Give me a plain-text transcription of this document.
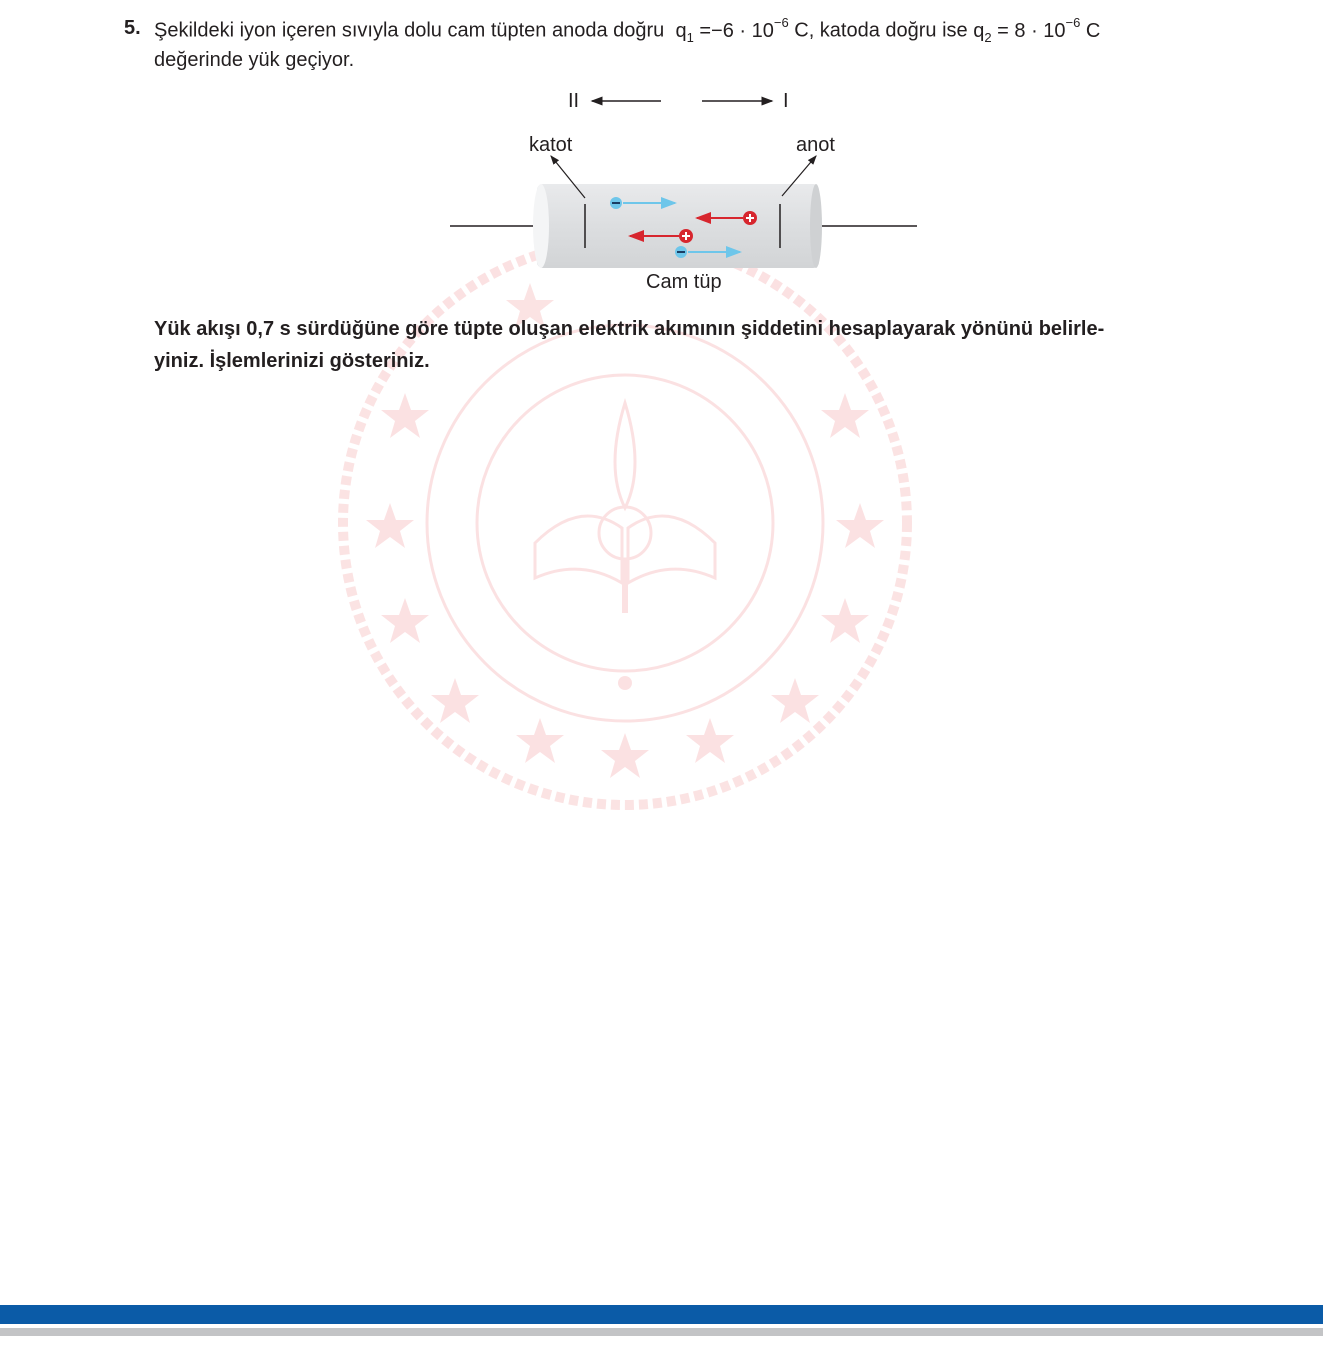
5. Şekildeki iyon içeren sıvıyla dolu cam tüpten anoda doğru $q_1 =-6 \cdot 10^{-6}$ C, katoda doğru ise $q_2 = 8 \cdot 10^{-6}$ C
değerinde yük geçiyor.
II	I
katot	anot
Cam tüp
Yük akışı 0,7 s sürdüğüne göre tüpte oluşan elektrik akımının şiddetini hesaplayarak yönünü belirle-
yiniz. İşlemlerinizi gösteriniz.
